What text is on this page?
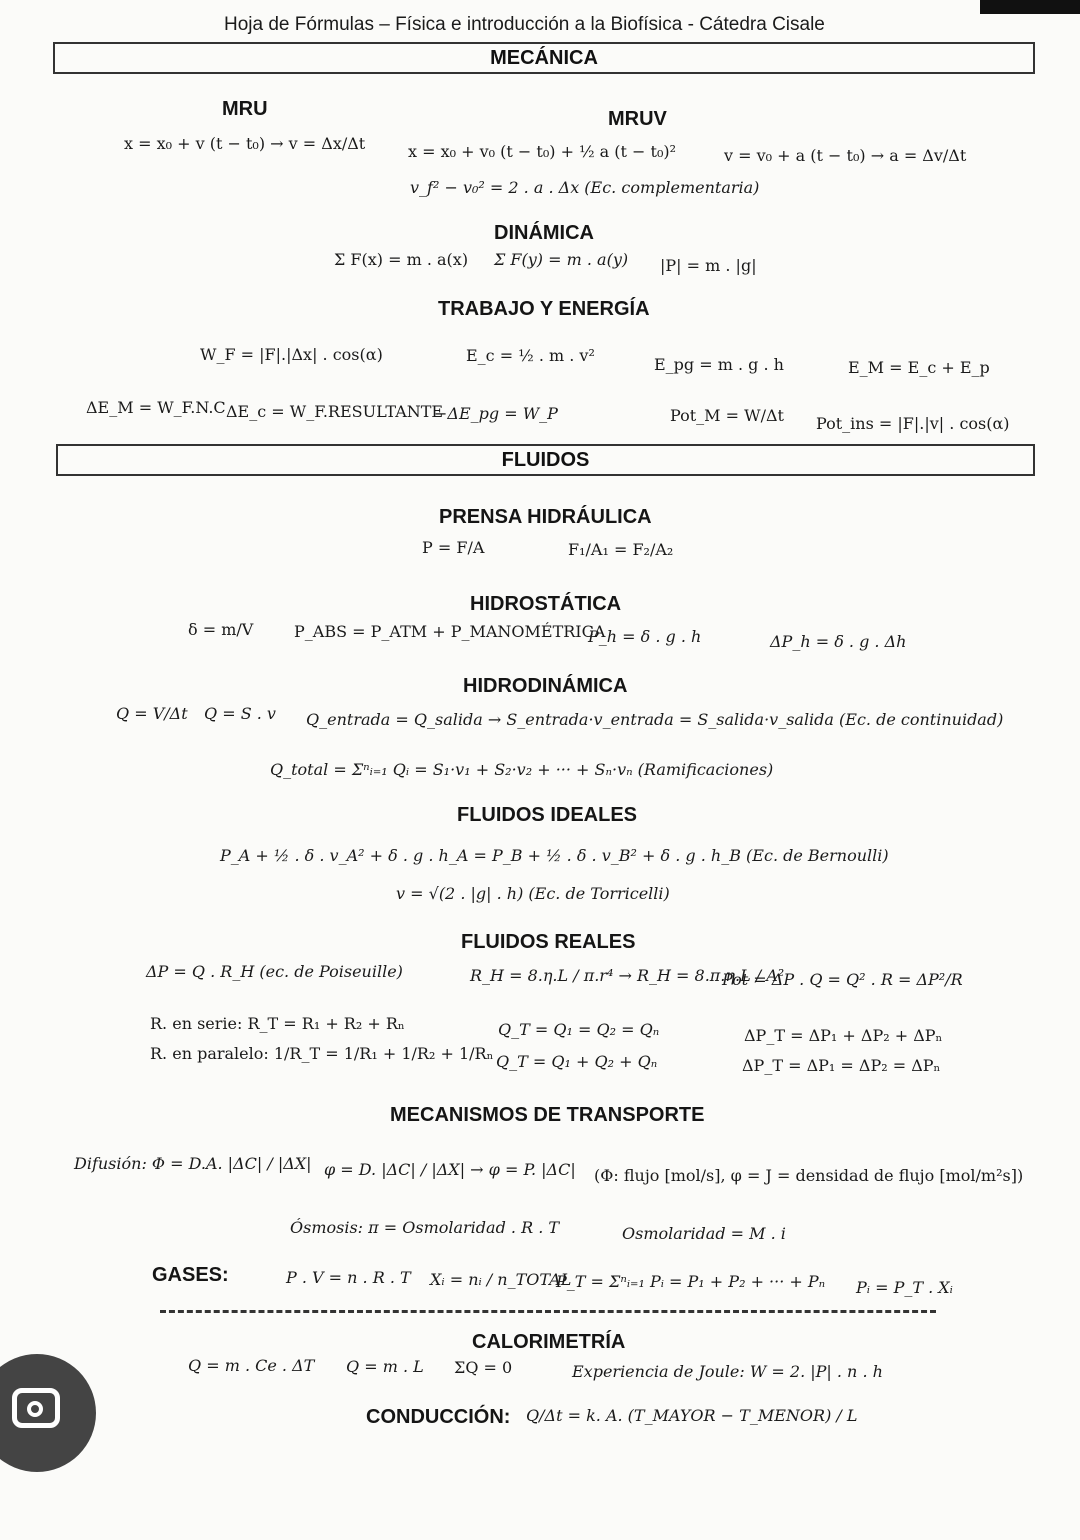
Hoja de Fórmulas – Física e introducción a la Biofísica - Cátedra Cisale
MECÁNICA
MRU	MRUV
x = x₀ + v (t − t₀) → v = Δx/Δt	x = x₀ + v₀ (t − t₀) + ½ a (t − t₀)²	v = v₀ + a (t − t₀) → a = Δv/Δt
v_f² − v₀² = 2 . a . Δx (Ec. complementaria)
DINÁMICA
Σ F(x) = m . a(x) Σ F(y) = m . a(y) |P| = m . |g|
TRABAJO Y ENERGÍA
W_F = |F|.|Δx| . cos(α)	E_c = ½ . m . v²	E_pg = m . g . h	E_M = E_c + E_p
ΔE_M = W_F.N.C ΔE_c = W_F.RESULTANTE
−ΔE_pg = W_P	Pot_M = W/Δt Pot_ins = |F|.|v| . cos(α)
FLUIDOS
PRENSA HIDRÁULICA
P = F/A	F₁/A₁ = F₂/A₂
HIDROSTÁTICA
δ = m/V	P_ABS = P_ATM + P_MANOMÉTRICA
P_h = δ . g . h	ΔP_h = δ . g . Δh
HIDRODINÁMICA
Q = V/Δt Q = S . v Q_entrada = Q_salida → S_entrada·v_entrada = S_salida·v_salida (Ec. de continuidad)
Q_total = Σⁿᵢ₌₁ Qᵢ = S₁·v₁ + S₂·v₂ + ··· + Sₙ·vₙ (Ramificaciones)
FLUIDOS IDEALES
P_A + ½ . δ . v_A² + δ . g . h_A = P_B + ½ . δ . v_B² + δ . g . h_B (Ec. de Bernoulli)
v = √(2 . |g| . h) (Ec. de Torricelli)
FLUIDOS REALES
ΔP = Q . R_H (ec. de Poiseuille)	R_H = 8.η.L / π.r⁴ → R_H = 8.π.η.L / A²
Pot = ΔP . Q = Q² . R = ΔP²/R
R. en serie: R_T = R₁ + R₂ + Rₙ
R. en paralelo: 1/R_T = 1/R₁ + 1/R₂ + 1/Rₙ
Q_T = Q₁ = Q₂ = Qₙ
Q_T = Q₁ + Q₂ + Qₙ
ΔP_T = ΔP₁ + ΔP₂ + ΔPₙ
ΔP_T = ΔP₁ = ΔP₂ = ΔPₙ
MECANISMOS DE TRANSPORTE
Difusión: Φ = D.A. |ΔC| / |ΔX| φ = D. |ΔC| / |ΔX| → φ = P. |ΔC| (Φ: flujo [mol/s], φ = J = densidad de flujo [mol/m²s])
Ósmosis: π = Osmolaridad . R . T	Osmolaridad = M . i
GASES:	P . V = n . R . T Xᵢ = nᵢ / n_TOTAL
P_T = Σⁿᵢ₌₁ Pᵢ = P₁ + P₂ + ··· + Pₙ Pᵢ = P_T . Xᵢ
CALORIMETRÍA
Q = m . Ce . ΔT Q = m . L ΣQ = 0	Experiencia de Joule: W = 2. |P| . n . h
CONDUCCIÓN: Q/Δt = k. A. (T_MAYOR − T_MENOR) / L
